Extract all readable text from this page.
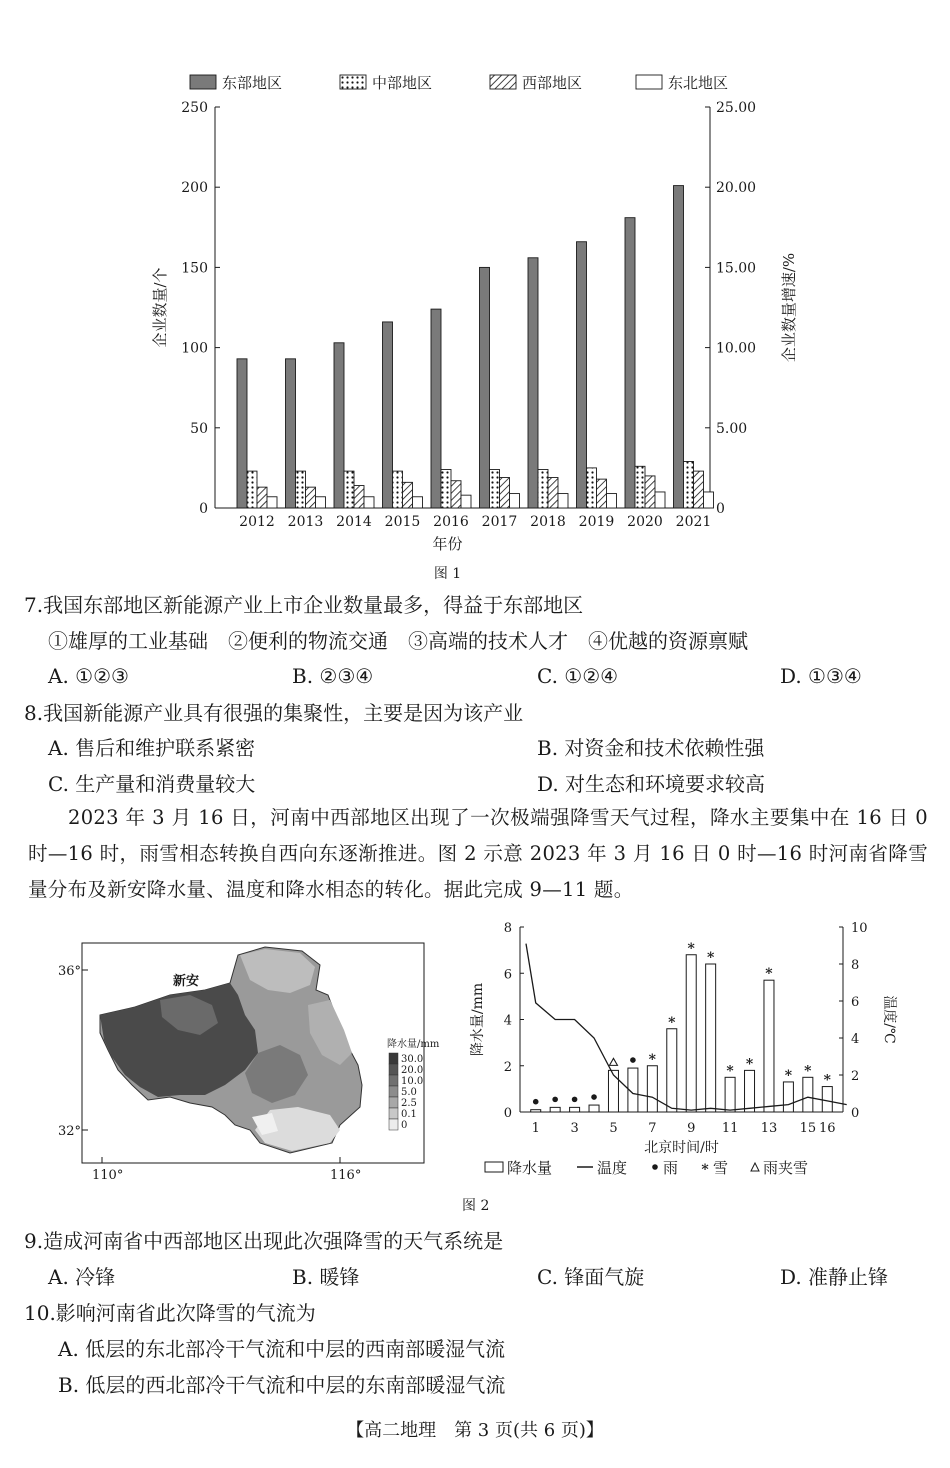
东部地区	中部地区	西部地区	东北地区
0
50
100
150
200
250
0
5.00
10.00
15.00
20.00
25.00
企业数量/个	企业数量增速/%
年份
图 1
2012 2013 2014 2015 2016 2017 2018 2019 2020 2021
7.我国东部地区新能源产业上市企业数量最多，得益于东部地区
①雄厚的工业基础　②便利的物流交通　③高端的技术人才　④优越的资源禀赋
A. ①②③	B. ②③④	C. ①②④	D. ①③④
8.我国新能源产业具有很强的集聚性，主要是因为该产业
A. 售后和维护联系紧密	B. 对资金和技术依赖性强
C. 生产量和消费量较大	D. 对生态和环境要求较高
2023 年 3 月 16 日，河南中西部地区出现了一次极端强降雪天气过程，降水主要集中在 16 日 0 时—16 时，雨雪相态转换自西向东逐渐推进。图 2 示意 2023 年 3 月 16 日 0 时—16 时河南省降雪量分布及新安降水量、温度和降水相态的转化。据此完成 9—11 题。
36°
32°
110°	116°
新安
降水量/mm
30.0
20.0
10.0
5.0
2.5
0.1
0
0
2
4
6
8
0
2
4
6
8
10
1 3 5 7 9 11 13 15 16
降水量/mm	温度/℃
北京时间/时
*
*
*
*
* *
*
* *
*
降水量	温度 雨 * 雪 雨夹雪
图 2
9.造成河南省中西部地区出现此次强降雪的天气系统是
A. 冷锋	B. 暖锋	C. 锋面气旋	D. 准静止锋
10.影响河南省此次降雪的气流为
A. 低层的东北部冷干气流和中层的西南部暖湿气流
B. 低层的西北部冷干气流和中层的东南部暖湿气流
【高二地理　第 3 页(共 6 页)】
